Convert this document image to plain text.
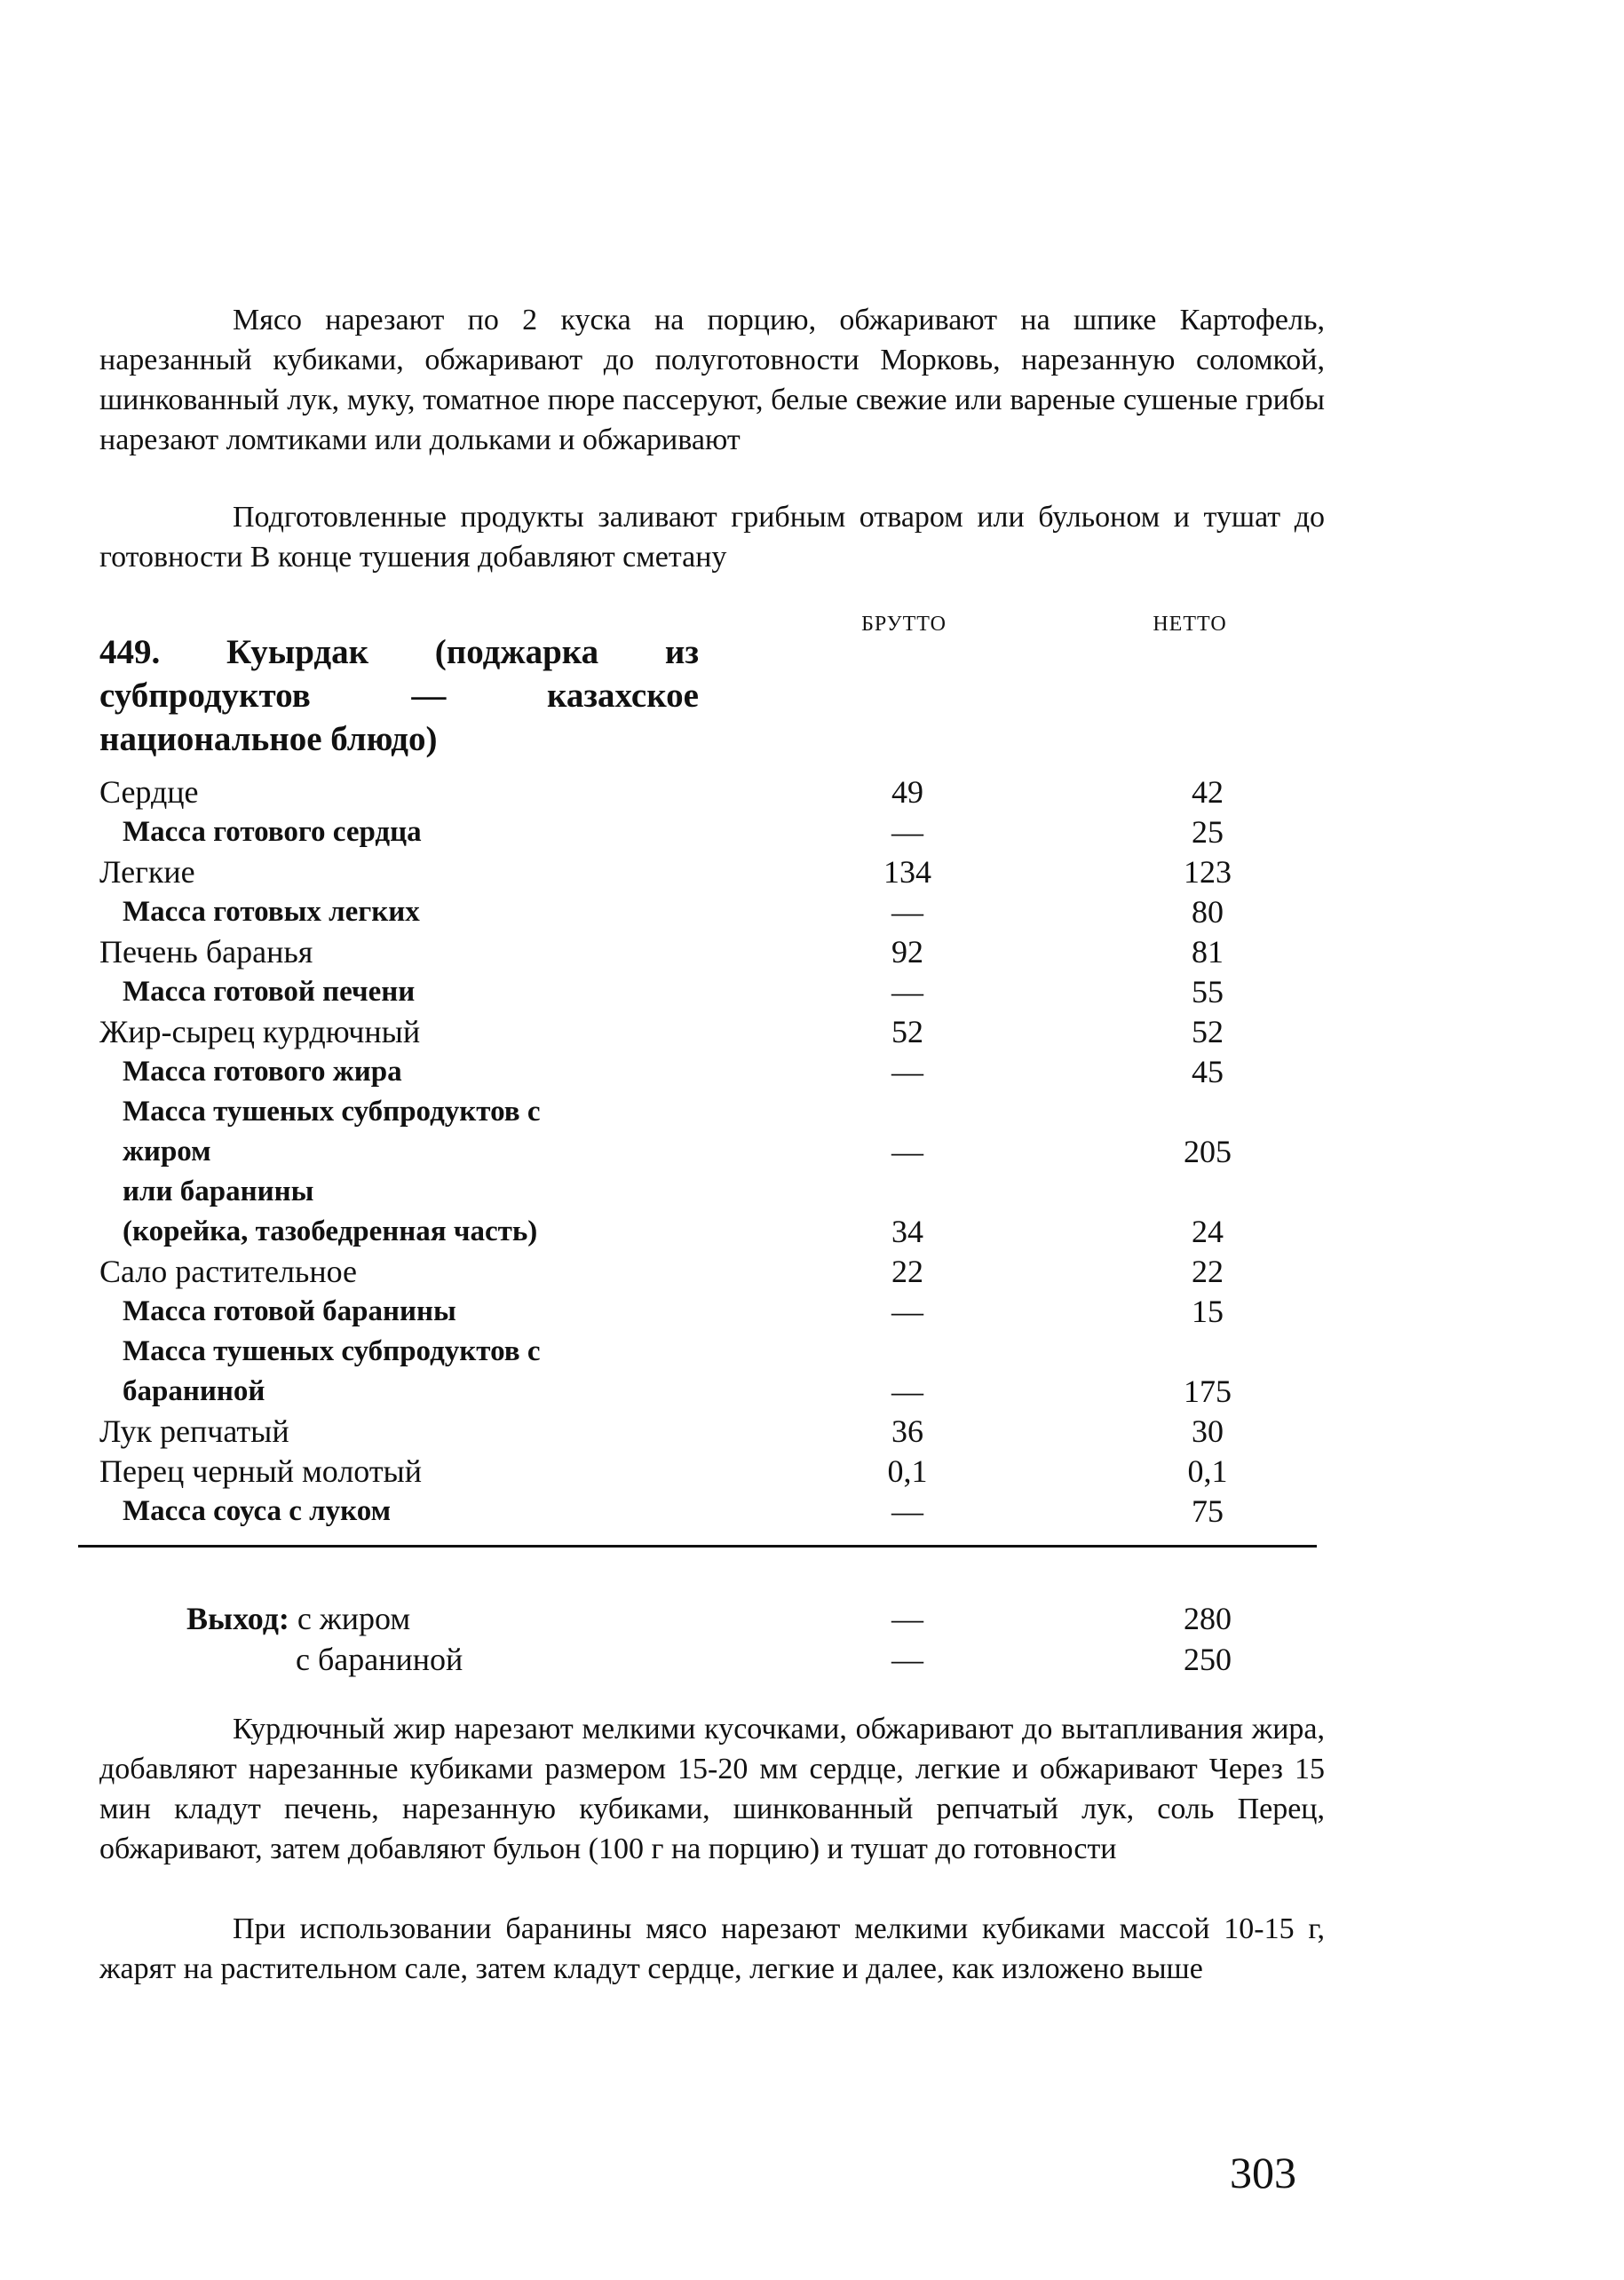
Мясо нарезают по 2 куска на порцию, обжаривают на шпике Картофель, нарезанный кубиками, обжаривают до полуготовности Морковь, нарезанную соломкой, шинкованный лук, муку, томатное пюре пассеруют, белые свежие или вареные сушеные грибы нарезают ломтиками или дольками и обжаривают

Подготовленные продукты заливают грибным отваром или бульоном и тушат до готовности В конце тушения добавляют сметану

БРУТТО	НЕТТО

449. Куырдак (поджарка из субпродуктов — казахское национальное блюдо)

Сердце	49	42
Масса готового сердца	—	25
Легкие	134	123
Масса готовых легких	—	80
Печень баранья	92	81
Масса готовой печени	—	55
Жир-сырец курдючный	52	52
Масса готового жира	—	45
Масса тушеных субпродуктов с
жиром	—	205
или баранины
(корейка, тазобедренная часть)	34	24
Сало растительное	22	22
Масса готовой баранины	—	15
Масса тушеных субпродуктов с
бараниной	—	175
Лук репчатый	36	30
Перец черный молотый	0,1	0,1
Масса соуса с луком	—	75
Выход: с жиром	—	280
с бараниной	—	250

Курдючный жир нарезают мелкими кусочками, обжаривают до вытапливания жира, добавляют нарезанные кубиками размером 15-20 мм сердце, легкие и обжаривают Через 15 мин кладут печень, нарезанную кубиками, шинкованный репчатый лук, соль Перец, обжаривают, затем добавляют бульон (100 г на порцию) и тушат до готовности

При использовании баранины мясо нарезают мелкими кубиками массой 10-15 г, жарят на растительном сале, затем кладут сердце, легкие и далее, как изложено выше

303
